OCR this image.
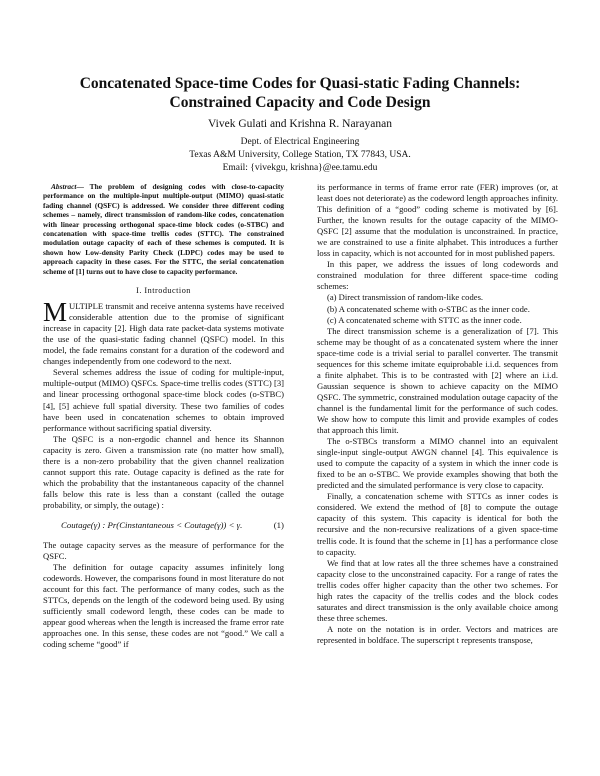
Concatenated Space-time Codes for Quasi-static Fading Channels: Constrained Capacity and Code Design
Vivek Gulati and Krishna R. Narayanan
Dept. of Electrical Engineering
Texas A&M University, College Station, TX 77843, USA.
Email: {vivekgu, krishna}@ee.tamu.edu

Abstract— The problem of designing codes with close-to-capacity performance on the multiple-input multiple-output (MIMO) quasi-static fading channel (QSFC) is addressed. We consider three different coding schemes – namely, direct transmission of random-like codes, concatenation with linear processing orthogonal space-time block codes (o-STBC) and concatenation with space-time trellis codes (STTC). The constrained modulation outage capacity of each of these schemes is computed. It is shown how Low-density Parity Check (LDPC) codes may be used to approach capacity in these cases. For the STTC, the serial concatenation scheme of [1] turns out to have close to capacity performance.

I. Introduction

MULTIPLE transmit and receive antenna systems have received considerable attention due to the promise of significant increase in capacity [2]. High data rate packet-data systems motivate the use of the quasi-static fading channel (QSFC) model. In this model, the fade remains constant for a duration of the codeword and changes independently from one codeword to the next.

Several schemes address the issue of coding for multiple-input, multiple-output (MIMO) QSFCs. Space-time trellis codes (STTC) [3] and linear processing orthogonal space-time block codes (o-STBC) [4], [5] achieve full spatial diversity. These two families of codes have been used in concatenation schemes to obtain improved performance without sacrificing spatial diversity.

The QSFC is a non-ergodic channel and hence its Shannon capacity is zero. Given a transmission rate (no matter how small), there is a non-zero probability that the given channel realization cannot support this rate. Outage capacity is defined as the rate for which the probability that the instantaneous capacity of the channel falls below this rate is less than a constant (called the outage probability, or simply, the outage) :

Coutage(γ) : Pr(Cinstantaneous < Coutage(γ)) < γ.	(1)

The outage capacity serves as the measure of performance for the QSFC.

The definition for outage capacity assumes infinitely long codewords. However, the comparisons found in most literature do not account for this fact. The performance of many codes, such as the STTCs, depends on the length of the codeword being used. By using sufficiently small codeword length, these codes can be made to appear good whereas when the length is increased the frame error rate approaches one. In this sense, these codes are not “good.” We call a coding scheme “good” if

its performance in terms of frame error rate (FER) improves (or, at least does not deteriorate) as the codeword length approaches infinity. This definition of a “good” coding scheme is motivated by [6]. Further, the known results for the outage capacity of the MIMO-QSFC [2] assume that the modulation is unconstrained. In practice, we are constrained to use a finite alphabet. This introduces a further loss in capacity, which is not accounted for in most published papers.

In this paper, we address the issues of long codewords and constrained modulation for three different space-time coding schemes:

(a) Direct transmission of random-like codes.
(b) A concatenated scheme with o-STBC as the inner code.
(c) A concatenated scheme with STTC as the inner code.

The direct transmission scheme is a generalization of [7]. This scheme may be thought of as a concatenated system where the inner space-time code is a trivial serial to parallel converter. The transmit sequences for this scheme imitate equiprobable i.i.d. sequences from a finite alphabet. This is to be contrasted with [2] where an i.i.d. Gaussian sequence is shown to achieve capacity on the MIMO QSFC. The symmetric, constrained modulation outage capacity of the channel is the fundamental limit for the performance of such codes. We show how to compute this limit and provide examples of codes that approach this limit.

The o-STBCs transform a MIMO channel into an equivalent single-input single-output AWGN channel [4]. This equivalence is used to compute the capacity of a system in which the inner code is fixed to be an o-STBC. We provide examples showing that both the predicted and the simulated performance is very close to capacity.

Finally, a concatenation scheme with STTCs as inner codes is considered. We extend the method of [8] to compute the outage capacity of this system. This capacity is identical for both the recursive and the non-recursive realizations of a given space-time trellis code. It is found that the scheme in [1] has a performance close to capacity.

We find that at low rates all the three schemes have a constrained capacity close to the unconstrained capacity. For a range of rates the trellis codes offer higher capacity than the other two schemes. For high rates the capacity of the trellis codes and the block codes saturates and direct transmission is the only available choice among these three schemes.

A note on the notation is in order. Vectors and matrices are represented in boldface. The superscript t represents transpose,
